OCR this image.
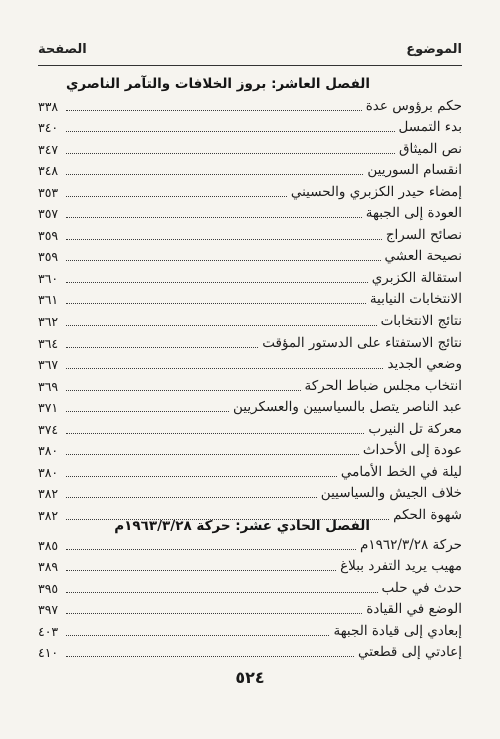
الصفحة	الموضوع
الفصل العاشر: بروز الخلافات والتآمر الناصري
حكم برؤوس عدة
٣٣٨
بدء التمسل
٣٤٠
نص الميثاق
٣٤٧
انقسام السوريين
٣٤٨
إمضاء حيدر الكزبري والحسيني
٣٥٣
العودة إلى الجبهة
٣٥٧
نصائح السراج
٣٥٩
نصيحة العشي
٣٥٩
استقالة الكزبري
٣٦٠
الانتخابات النيابية
٣٦١
نتائج الانتخابات
٣٦٢
نتائج الاستفتاء على الدستور المؤقت
٣٦٤
وضعي الجديد
٣٦٧
انتخاب مجلس ضباط الحركة
٣٦٩
عبد الناصر يتصل بالسياسيين والعسكريين
٣٧١
معركة تل النيرب
٣٧٤
عودة إلى الأحداث
٣٨٠
ليلة في الخط الأمامي
٣٨٠
خلاف الجيش والسياسيين
٣٨٢
شهوة الحكم
٣٨٢
الفصل الحادي عشر: حركة ١٩٦٣/٣/٢٨م
حركة ١٩٦٢/٣/٢٨م
٣٨٥
مهيب يريد التفرد ببلاغ
٣٨٩
حدث في حلب
٣٩٥
الوضع في القيادة
٣٩٧
إبعادي إلى قيادة الجبهة
٤٠٣
إعادتي إلى قطعتي
٤١٠
٥٢٤
